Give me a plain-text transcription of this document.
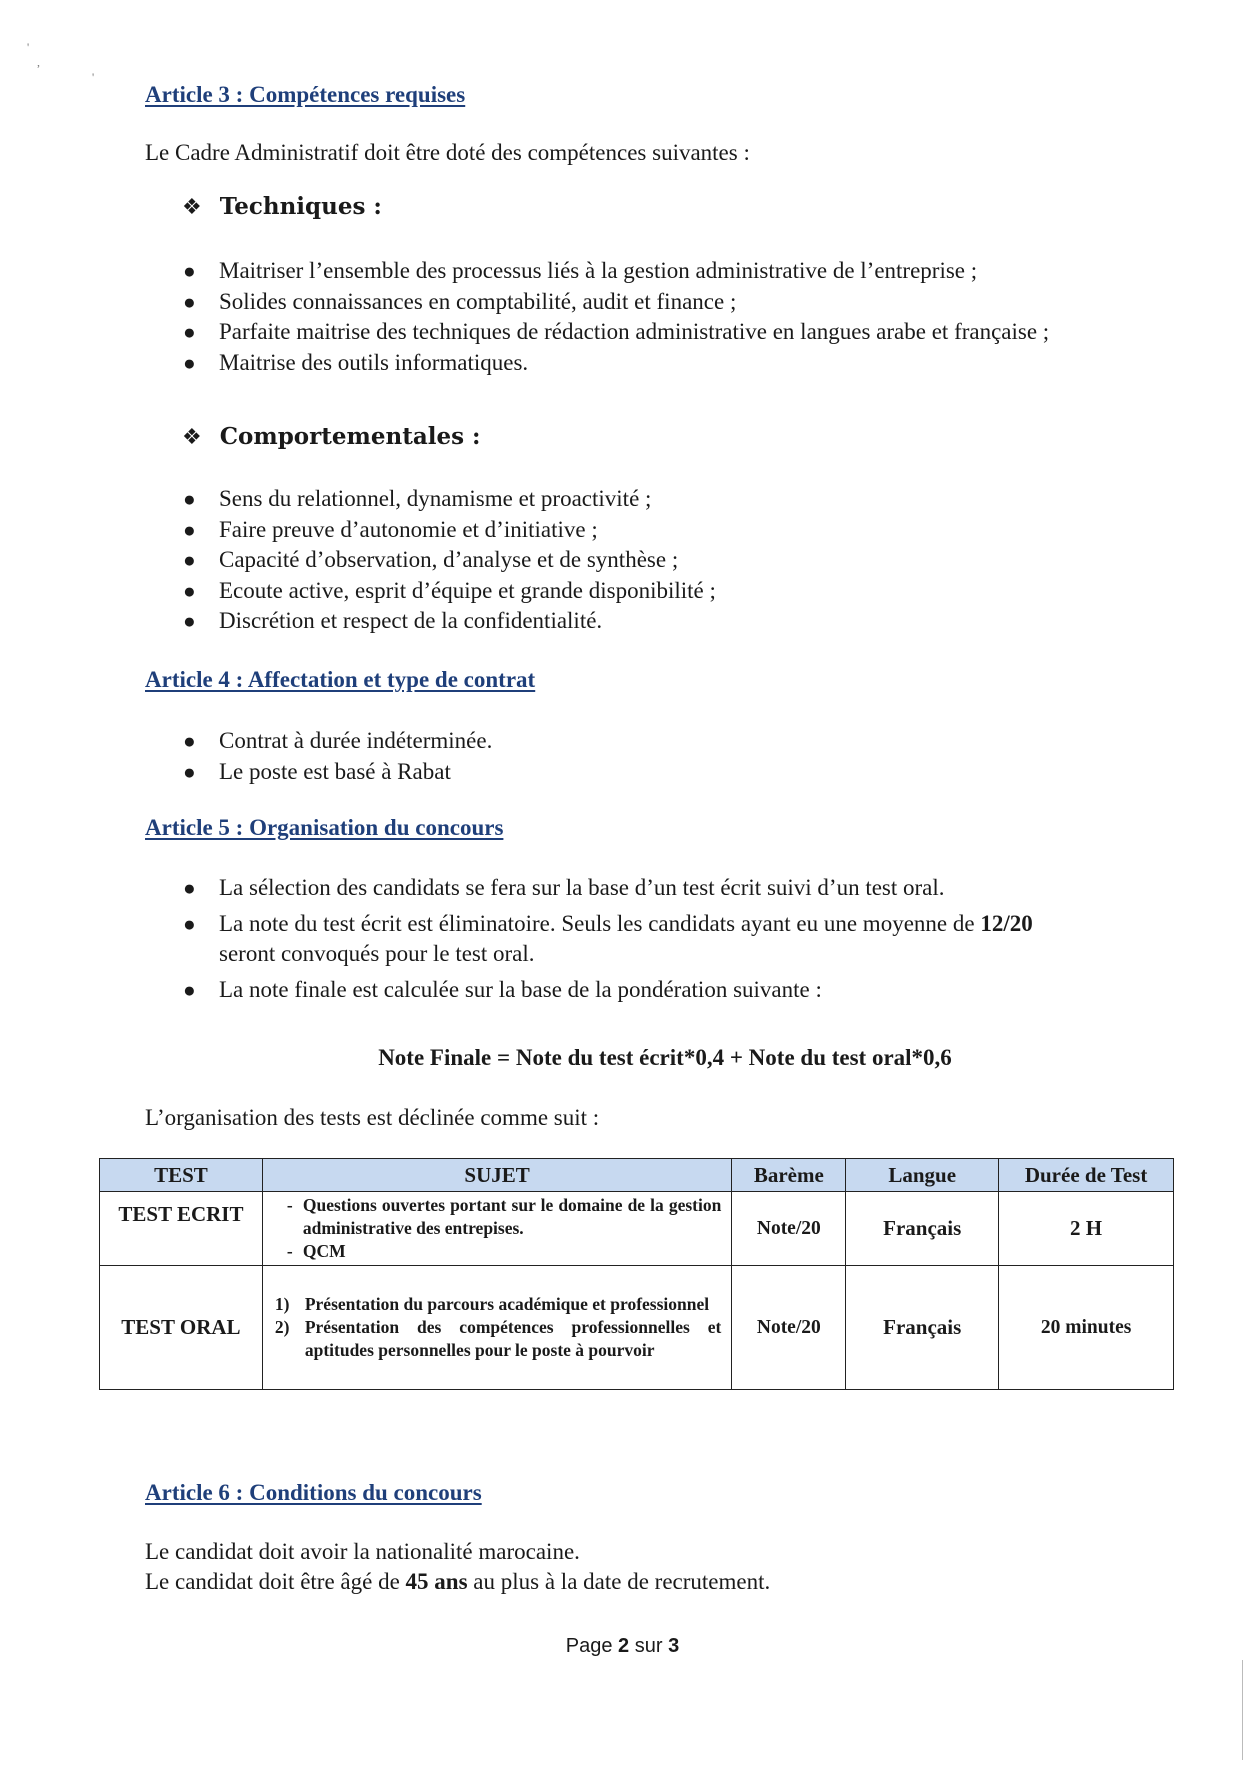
'
,
'
Article 3 : Compétences requises

Le Cadre Administratif doit être doté des compétences suivantes :

❖ Techniques :
● Maitriser l’ensemble des processus liés à la gestion administrative de l’entreprise ;
● Solides connaissances en comptabilité, audit et finance ;
● Parfaite maitrise des techniques de rédaction administrative en langues arabe et française ;
● Maitrise des outils informatiques.
❖ Comportementales :
● Sens du relationnel, dynamisme et proactivité ;
● Faire preuve d’autonomie et d’initiative ;
● Capacité d’observation, d’analyse et de synthèse ;
● Ecoute active, esprit d’équipe et grande disponibilité ;
● Discrétion et respect de la confidentialité.
Article 4 : Affectation et type de contrat
● Contrat à durée indéterminée.
● Le poste est basé à Rabat
Article 5 : Organisation du concours
● La sélection des candidats se fera sur la base d’un test écrit suivi d’un test oral.
● La note du test écrit est éliminatoire. Seuls les candidats ayant eu une moyenne de 12/20
seront convoqués pour le test oral.
● La note finale est calculée sur la base de la pondération suivante :

Note Finale = Note du test écrit*0,4 + Note du test oral*0,6

L’organisation des tests est déclinée comme suit :

TEST	SUJET	Barème	Langue	Durée de Test
TEST ECRIT	- Questions ouvertes portant sur le domaine de la gestion administrative des entrepises.
- QCM	Note/20	Français	2 H
TEST ORAL	1) Présentation du parcours académique et professionnel
2) Présentation des compétences professionnelles et aptitudes personnelles pour le poste à pourvoir	Note/20	Français	20 minutes
Article 6 : Conditions du concours

Le candidat doit avoir la nationalité marocaine.

Le candidat doit être âgé de 45 ans au plus à la date de recrutement.

Page 2 sur 3
